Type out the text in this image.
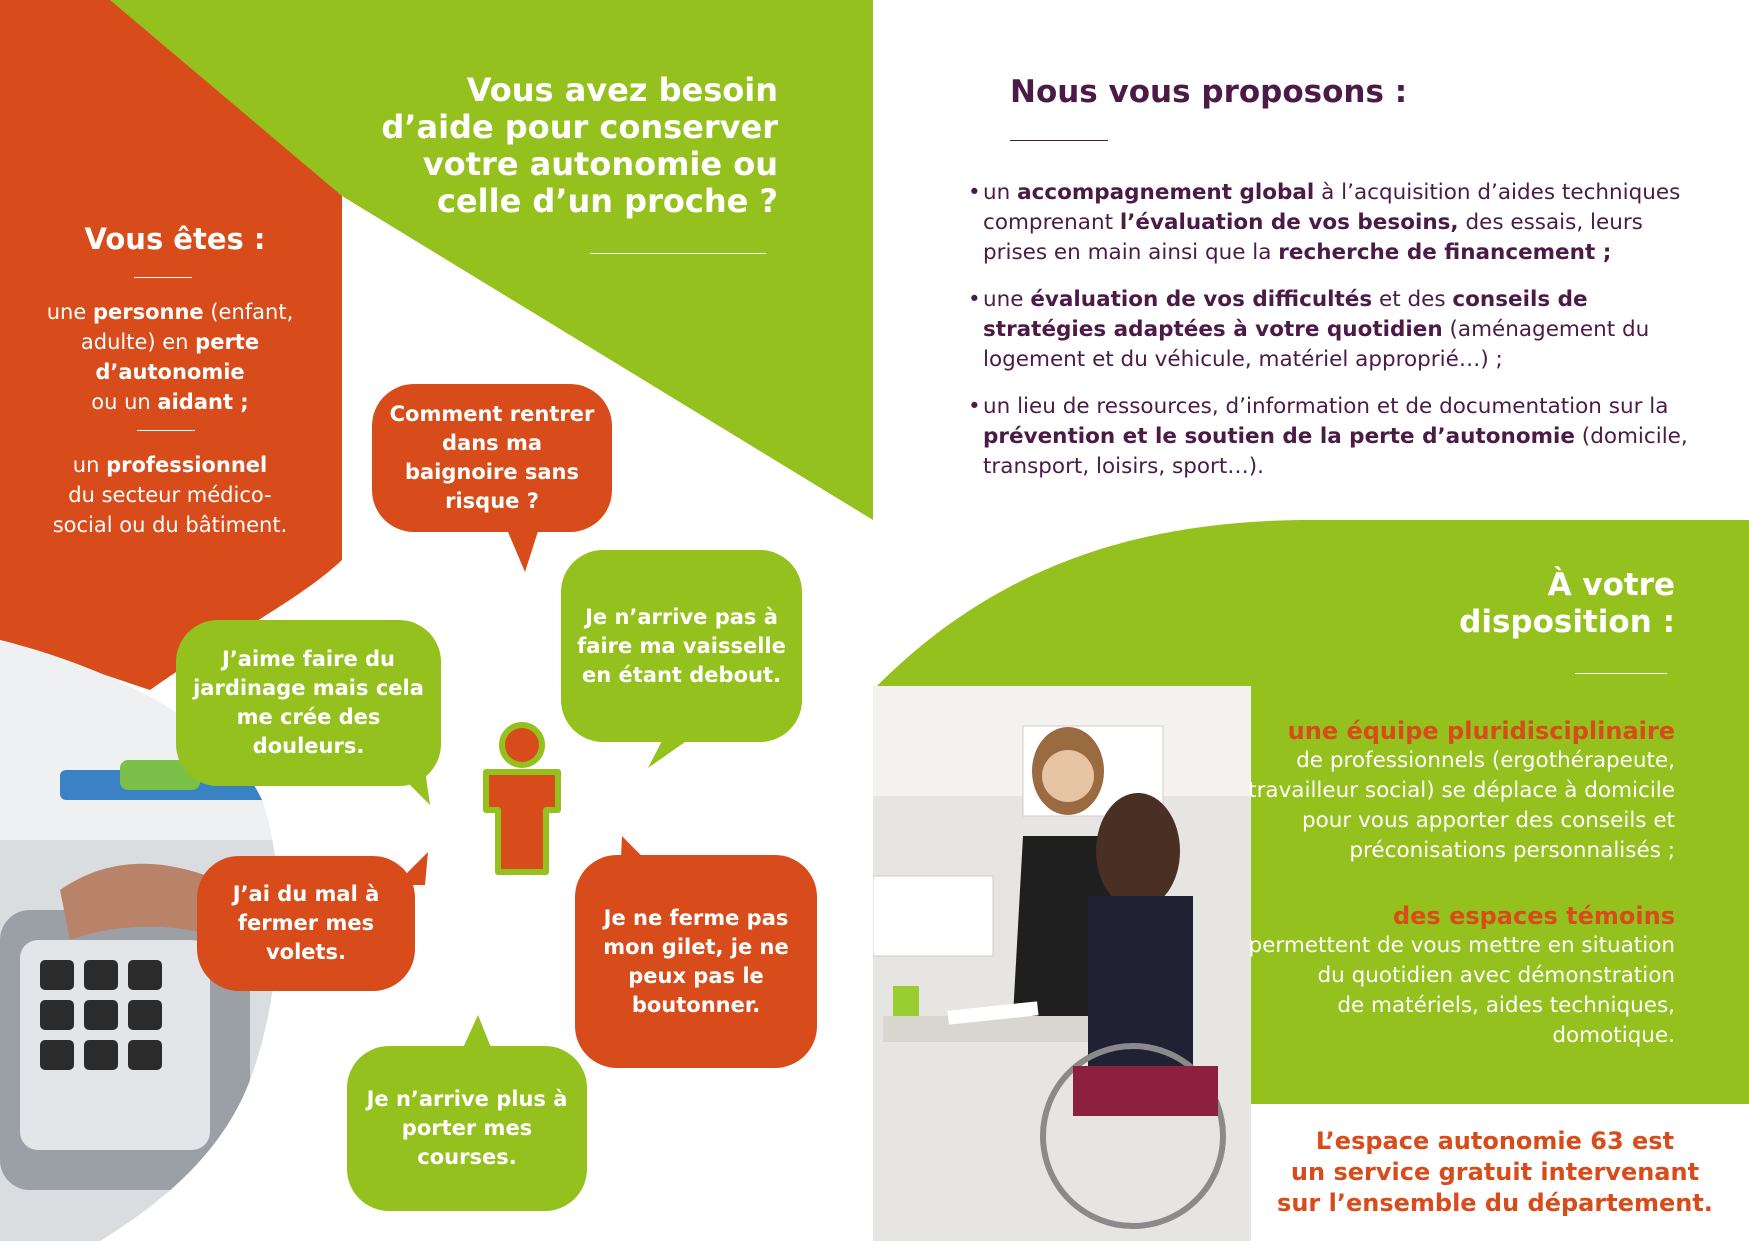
Vous êtes :
une personne (enfant,
adulte) en perte
d’autonomie
ou un aidant ;
un professionnel
du secteur médico-
social ou du bâtiment.
Vous avez besoin
d’aide pour conserver
votre autonomie ou
celle d’un proche ?
Comment rentrer dans ma baignoire sans risque ?
J’aime faire du jardinage mais cela me crée des douleurs.
Je n’arrive pas à faire ma vaisselle en étant debout.
J’ai du mal à fermer mes volets.
Je ne ferme pas mon gilet, je ne peux pas le boutonner.
Je n’arrive plus à porter mes courses.
Nous vous proposons :
• un accompagnement global à l’acquisition d’aides techniques comprenant l’évaluation de vos besoins, des essais, leurs prises en main ainsi que la recherche de financement ;
• une évaluation de vos difficultés et des conseils de stratégies adaptées à votre quotidien (aménagement du logement et du véhicule, matériel approprié…) ;
• un lieu de ressources, d’information et de documentation sur la prévention et le soutien de la perte d’autonomie (domicile, transport, loisirs, sport…).
À votre
disposition :
une équipe pluridisciplinaire
de professionnels (ergothérapeute,
travailleur social) se déplace à domicile
pour vous apporter des conseils et
préconisations personnalisés ;
des espaces témoins
permettent de vous mettre en situation
du quotidien avec démonstration
de matériels, aides techniques,
domotique.
L’espace autonomie 63 est
un service gratuit intervenant
sur l’ensemble du département.
